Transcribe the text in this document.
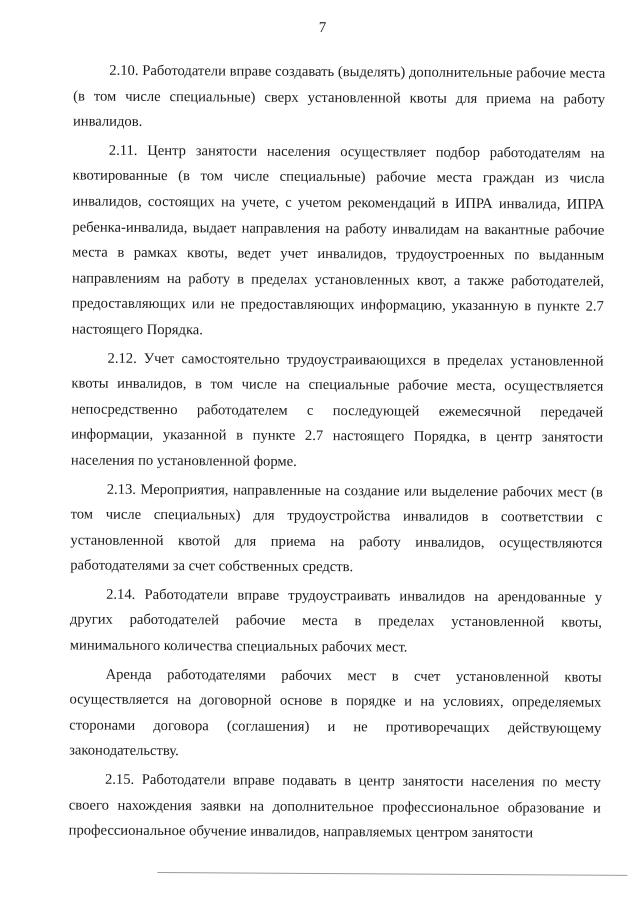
7

2.10. Работодатели вправе создавать (выделять) дополнительные рабочие места (в том числе специальные) сверх установленной квоты для приема на работу инвалидов.

2.11. Центр занятости населения осуществляет подбор работодателям на квотированные (в том числе специальные) рабочие места граждан из числа инвалидов, состоящих на учете, с учетом рекомендаций в ИПРА инвалида, ИПРА ребенка-инвалида, выдает направления на работу инвалидам на вакантные рабочие места в рамках квоты, ведет учет инвалидов, трудоустроенных по выданным направлениям на работу в пределах установленных квот, а также работодателей, предоставляющих или не предоставляющих информацию, указанную в пункте 2.7 настоящего Порядка.

2.12. Учет самостоятельно трудоустраивающихся в пределах установленной квоты инвалидов, в том числе на специальные рабочие места, осуществляется непосредственно работодателем с последующей ежемесячной передачей информации, указанной в пункте 2.7 настоящего Порядка, в центр занятости населения по установленной форме.

2.13. Мероприятия, направленные на создание или выделение рабочих мест (в том числе специальных) для трудоустройства инвалидов в соответствии с установленной квотой для приема на работу инвалидов, осуществляются работодателями за счет собственных средств.

2.14. Работодатели вправе трудоустраивать инвалидов на арендованные у других работодателей рабочие места в пределах установленной квоты, минимального количества специальных рабочих мест.

Аренда работодателями рабочих мест в счет установленной квоты осуществляется на договорной основе в порядке и на условиях, определяемых сторонами договора (соглашения) и не противоречащих действующему законодательству.

2.15. Работодатели вправе подавать в центр занятости населения по месту своего нахождения заявки на дополнительное профессиональное образование и профессиональное обучение инвалидов, направляемых центром занятости
